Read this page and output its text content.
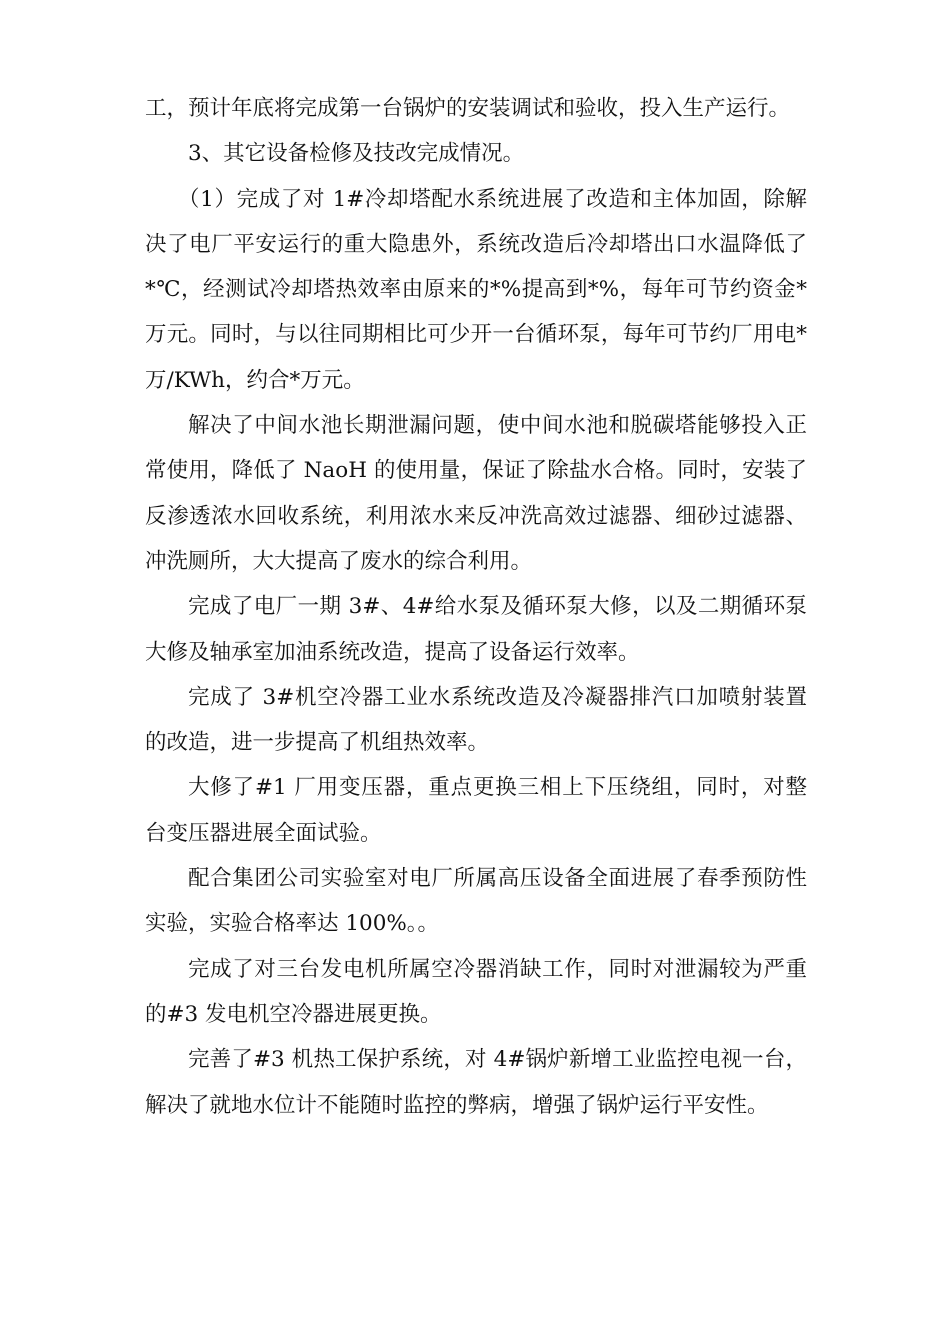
工，预计年底将完成第一台锅炉的安装调试和验收，投入生产运行。

3、其它设备检修及技改完成情况。

（1）完成了对 1#冷却塔配水系统进展了改造和主体加固，除解决了电厂平安运行的重大隐患外，系统改造后冷却塔出口水温降低了*℃，经测试冷却塔热效率由原来的*%提高到*%，每年可节约资金*万元。同时，与以往同期相比可少开一台循环泵，每年可节约厂用电*万/KWh，约合*万元。

解决了中间水池长期泄漏问题，使中间水池和脱碳塔能够投入正常使用，降低了 NaoH 的使用量，保证了除盐水合格。同时，安装了反渗透浓水回收系统，利用浓水来反冲洗高效过滤器、细砂过滤器、冲洗厕所，大大提高了废水的综合利用。

完成了电厂一期 3#、4#给水泵及循环泵大修，以及二期循环泵大修及轴承室加油系统改造，提高了设备运行效率。

完成了 3#机空冷器工业水系统改造及冷凝器排汽口加喷射装置的改造，进一步提高了机组热效率。

大修了#1 厂用变压器，重点更换三相上下压绕组，同时，对整台变压器进展全面试验。

配合集团公司实验室对电厂所属高压设备全面进展了春季预防性实验，实验合格率达 100%。。

完成了对三台发电机所属空冷器消缺工作，同时对泄漏较为严重的#3 发电机空冷器进展更换。

完善了#3 机热工保护系统，对 4#锅炉新增工业监控电视一台，解决了就地水位计不能随时监控的弊病，增强了锅炉运行平安性。
